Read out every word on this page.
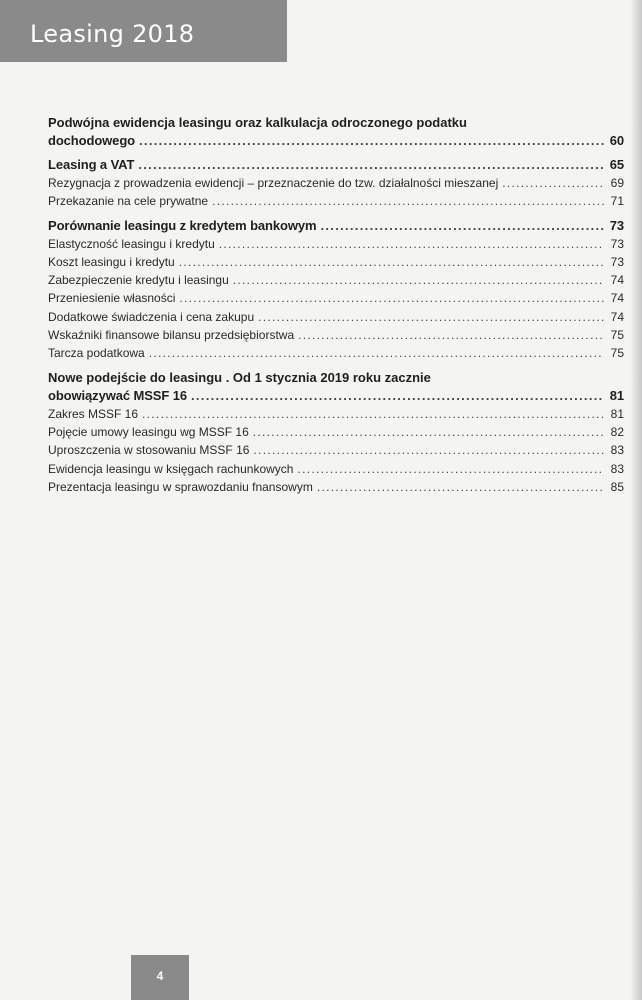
Leasing 2018
Podwójna ewidencja leasingu oraz kalkulacja odroczonego podatku
dochodowego .....	60
Leasing a VAT .....	65
Rezygnacja z prowadzenia ewidencji – przeznaczenie do tzw. działalności mieszanej .....	69
Przekazanie na cele prywatne .....	71
Porównanie leasingu z kredytem bankowym .....	73
Elastyczność leasingu i kredytu .....	73
Koszt leasingu i kredytu .....	73
Zabezpieczenie kredytu i leasingu .....	74
Przeniesienie własności .....	74
Dodatkowe świadczenia i cena zakupu .....	74
Wskaźniki finansowe bilansu przedsiębiorstwa .....	75
Tarcza podatkowa .....	75
Nowe podejście do leasingu . Od 1 stycznia 2019 roku zacznie
obowiązywać MSSF 16 .....	81
Zakres MSSF 16 .....	81
Pojęcie umowy leasingu wg MSSF 16 .....	82
Uproszczenia w stosowaniu MSSF 16 .....	83
Ewidencja leasingu w księgach rachunkowych .....	83
Prezentacja leasingu w sprawozdaniu fnansowym .....	85
4
